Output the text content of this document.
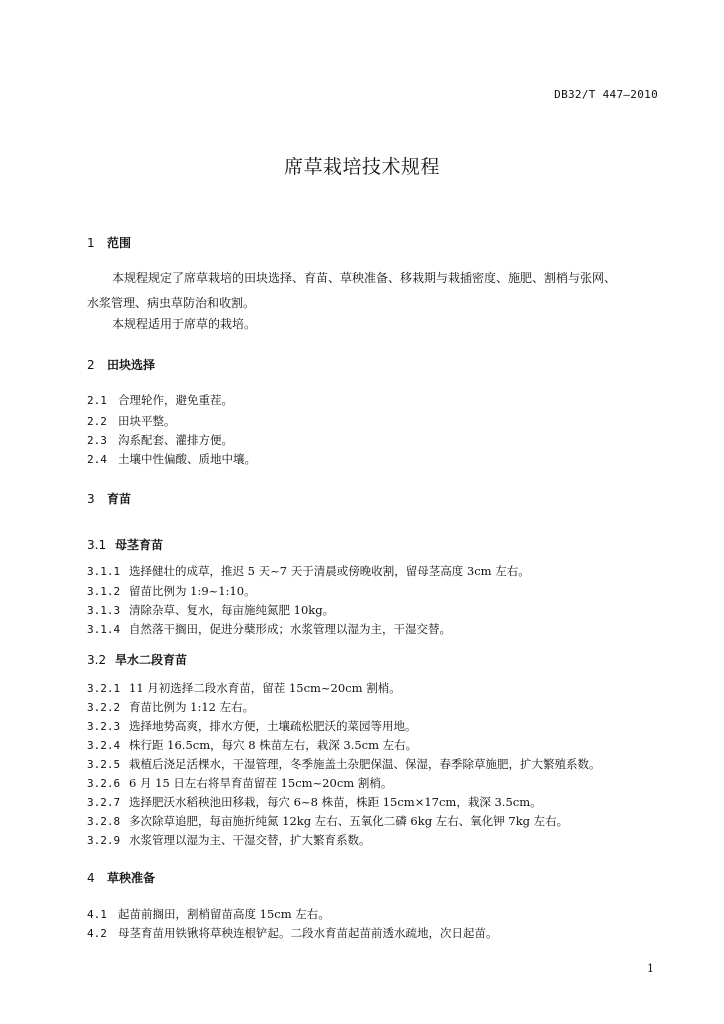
DB32/T 447—2010
席草栽培技术规程
1 范围
本规程规定了席草栽培的田块选择、育苗、草秧准备、移栽期与栽插密度、施肥、割梢与张网、
水浆管理、病虫草防治和收割。
本规程适用于席草的栽培。
2 田块选择
2.1 合理轮作，避免重茬。
2.2 田块平整。
2.3 沟系配套、灌排方便。
2.4 土壤中性偏酸、质地中壤。
3 育苗
3.1 母茎育苗
3.1.1 选择健壮的成草，推迟 5 天~7 天于清晨或傍晚收割，留母茎高度 3cm 左右。
3.1.2 留苗比例为 1:9~1:10。
3.1.3 清除杂草、复水，每亩施纯氮肥 10kg。
3.1.4 自然落干搁田，促进分蘖形成；水浆管理以湿为主，干湿交替。
3.2 旱水二段育苗
3.2.1 11 月初选择二段水育苗，留茬 15cm~20cm 割梢。
3.2.2 育苗比例为 1:12 左右。
3.2.3 选择地势高爽，排水方便，土壤疏松肥沃的菜园等用地。
3.2.4 株行距 16.5cm，每穴 8 株苗左右，栽深 3.5cm 左右。
3.2.5 栽植后浇足活棵水，干湿管理，冬季施盖土杂肥保温、保湿，春季除草施肥，扩大繁殖系数。
3.2.6 6 月 15 日左右将旱育苗留茬 15cm~20cm 割梢。
3.2.7 选择肥沃水稻秧池田移栽，每穴 6~8 株苗，株距 15cm×17cm，栽深 3.5cm。
3.2.8 多次除草追肥，每亩施折纯氮 12kg 左右、五氧化二磷 6kg 左右、氧化钾 7kg 左右。
3.2.9 水浆管理以湿为主、干湿交替，扩大繁育系数。
4 草秧准备
4.1 起苗前搁田，割梢留苗高度 15cm 左右。
4.2 母茎育苗用铁锹将草秧连根铲起。二段水育苗起苗前透水疏地，次日起苗。
1
